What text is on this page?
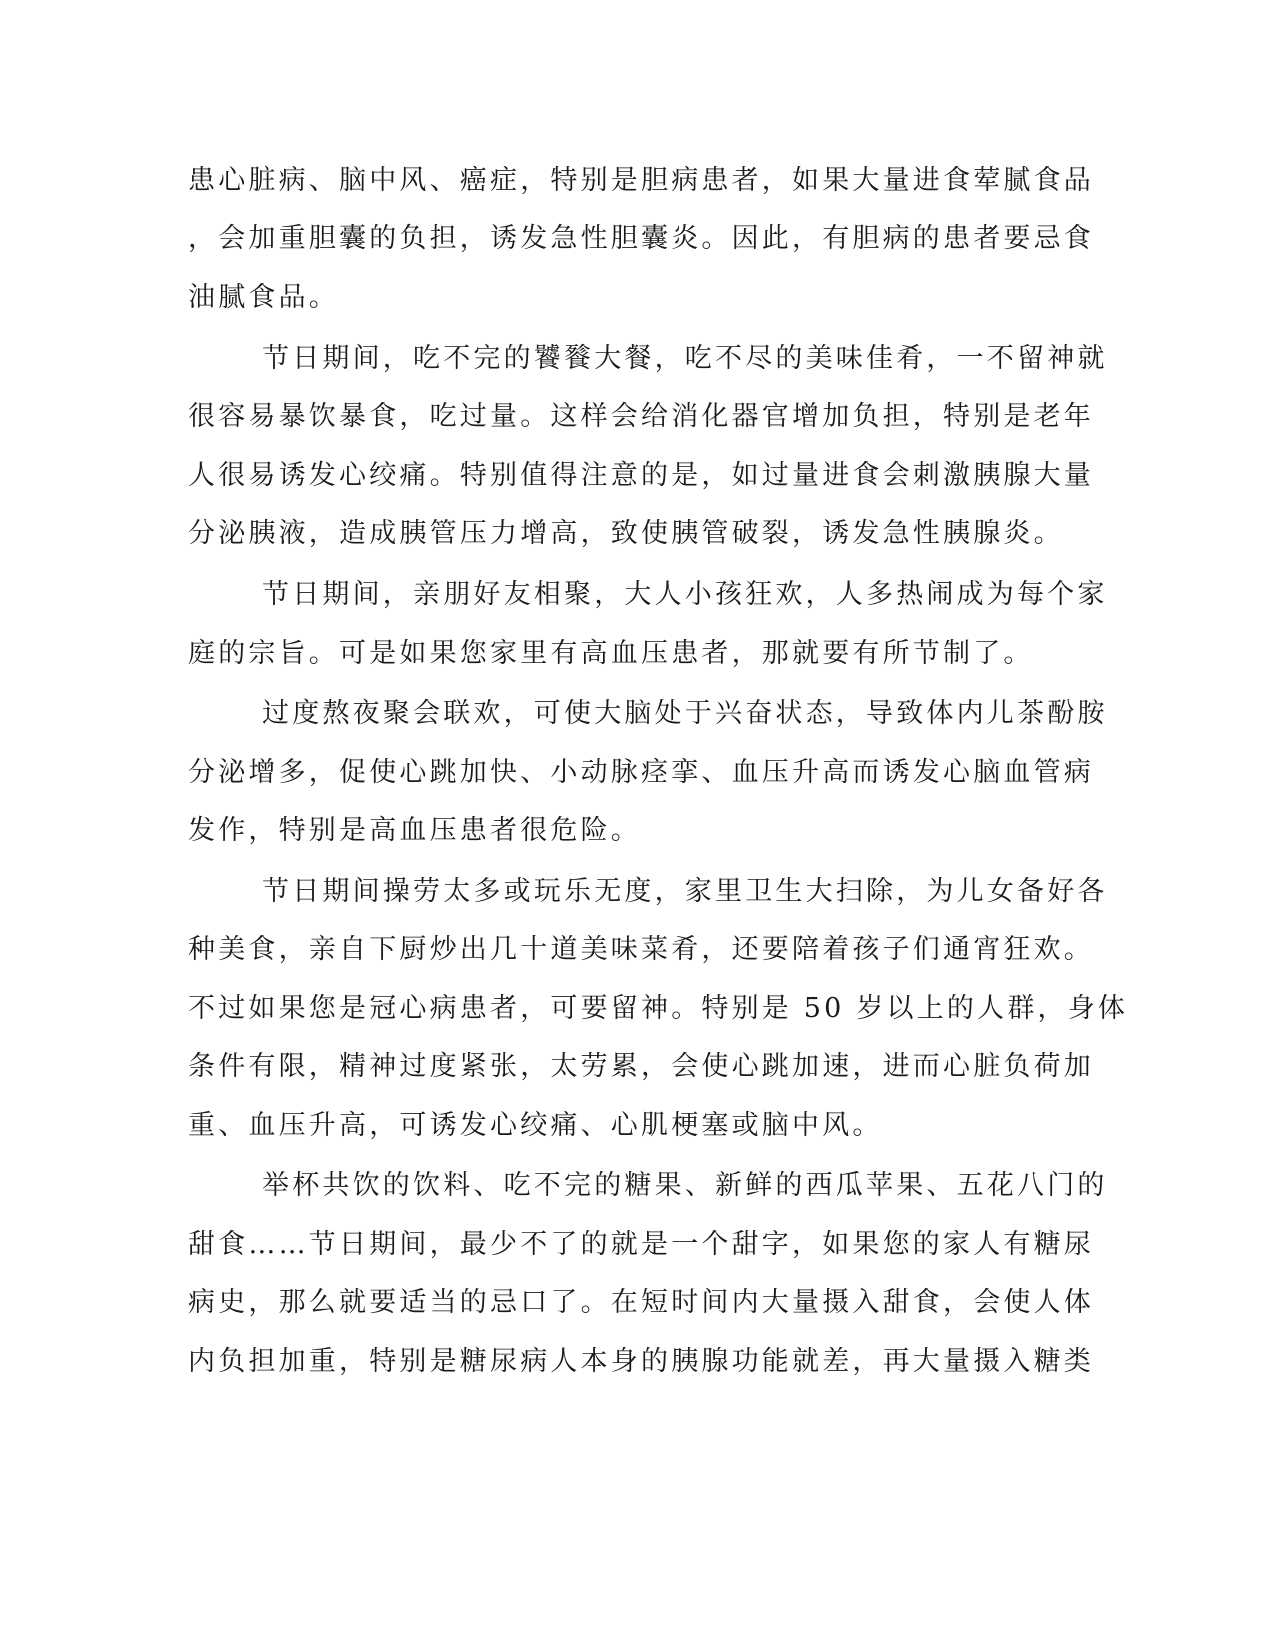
患心脏病、脑中风、癌症，特别是胆病患者，如果大量进食荤腻食品
，会加重胆囊的负担，诱发急性胆囊炎。因此，有胆病的患者要忌食
油腻食品。
节日期间，吃不完的饕餮大餐，吃不尽的美味佳肴，一不留神就
很容易暴饮暴食，吃过量。这样会给消化器官增加负担，特别是老年
人很易诱发心绞痛。特别值得注意的是，如过量进食会刺激胰腺大量
分泌胰液，造成胰管压力增高，致使胰管破裂，诱发急性胰腺炎。
节日期间，亲朋好友相聚，大人小孩狂欢，人多热闹成为每个家
庭的宗旨。可是如果您家里有高血压患者，那就要有所节制了。
过度熬夜聚会联欢，可使大脑处于兴奋状态，导致体内儿茶酚胺
分泌增多，促使心跳加快、小动脉痉挛、血压升高而诱发心脑血管病
发作，特别是高血压患者很危险。
节日期间操劳太多或玩乐无度，家里卫生大扫除，为儿女备好各
种美食，亲自下厨炒出几十道美味菜肴，还要陪着孩子们通宵狂欢。
不过如果您是冠心病患者，可要留神。特别是 50 岁以上的人群，身体
条件有限，精神过度紧张，太劳累，会使心跳加速，进而心脏负荷加
重、血压升高，可诱发心绞痛、心肌梗塞或脑中风。
举杯共饮的饮料、吃不完的糖果、新鲜的西瓜苹果、五花八门的
甜食……节日期间，最少不了的就是一个甜字，如果您的家人有糖尿
病史，那么就要适当的忌口了。在短时间内大量摄入甜食，会使人体
内负担加重，特别是糖尿病人本身的胰腺功能就差，再大量摄入糖类
